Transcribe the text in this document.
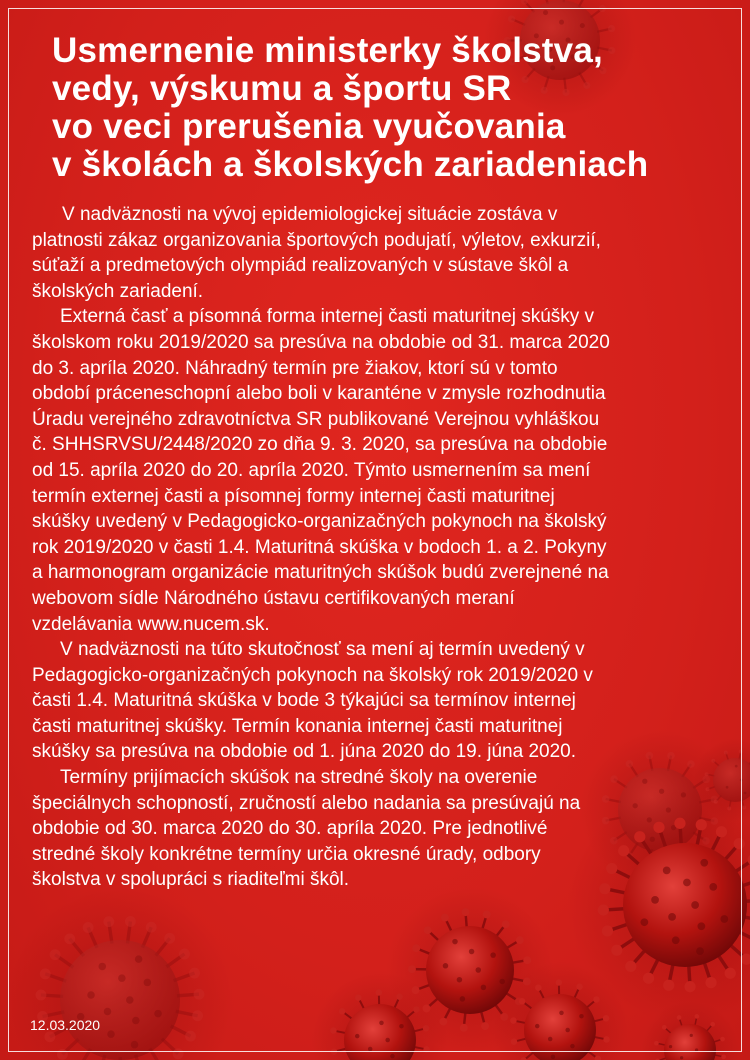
Usmernenie ministerky školstva,
vedy, výskumu a športu SR
vo veci prerušenia vyučovania
v školách a školských zariadeniach

V nadväznosti na vývoj epidemiologickej situácie zostáva v
platnosti zákaz organizovania športových podujatí, výletov, exkurzií,
súťaží a predmetových olympiád realizovaných v sústave škôl a
školských zariadení.

Externá časť a písomná forma internej časti maturitnej skúšky v
školskom roku 2019/2020 sa presúva na obdobie od 31. marca 2020
do 3. apríla 2020. Náhradný termín pre žiakov, ktorí sú v tomto
období práceneschopní alebo boli v karanténe v zmysle rozhodnutia
Úradu verejného zdravotníctva SR publikované Verejnou vyhláškou
č. SHHSRVSU/2448/2020 zo dňa 9. 3. 2020, sa presúva na obdobie
od 15. apríla 2020 do 20. apríla 2020. Týmto usmernením sa mení
termín externej časti a písomnej formy internej časti maturitnej
skúšky uvedený v Pedagogicko-organizačných pokynoch na školský
rok 2019/2020 v časti 1.4. Maturitná skúška v bodoch 1. a 2. Pokyny
a harmonogram organizácie maturitných skúšok budú zverejnené na
webovom sídle Národného ústavu certifikovaných meraní
vzdelávania www.nucem.sk.

V nadväznosti na túto skutočnosť sa mení aj termín uvedený v
Pedagogicko-organizačných pokynoch na školský rok 2019/2020 v
časti 1.4. Maturitná skúška v bode 3 týkajúci sa termínov internej
časti maturitnej skúšky. Termín konania internej časti maturitnej
skúšky sa presúva na obdobie od 1. júna 2020 do 19. júna 2020.

Termíny prijímacích skúšok na stredné školy na overenie
špeciálnych schopností, zručností alebo nadania sa presúvajú na
obdobie od 30. marca 2020 do 30. apríla 2020. Pre jednotlivé
stredné školy konkrétne termíny určia okresné úrady, odbory
školstva v spolupráci s riaditeľmi škôl.

12.03.2020
